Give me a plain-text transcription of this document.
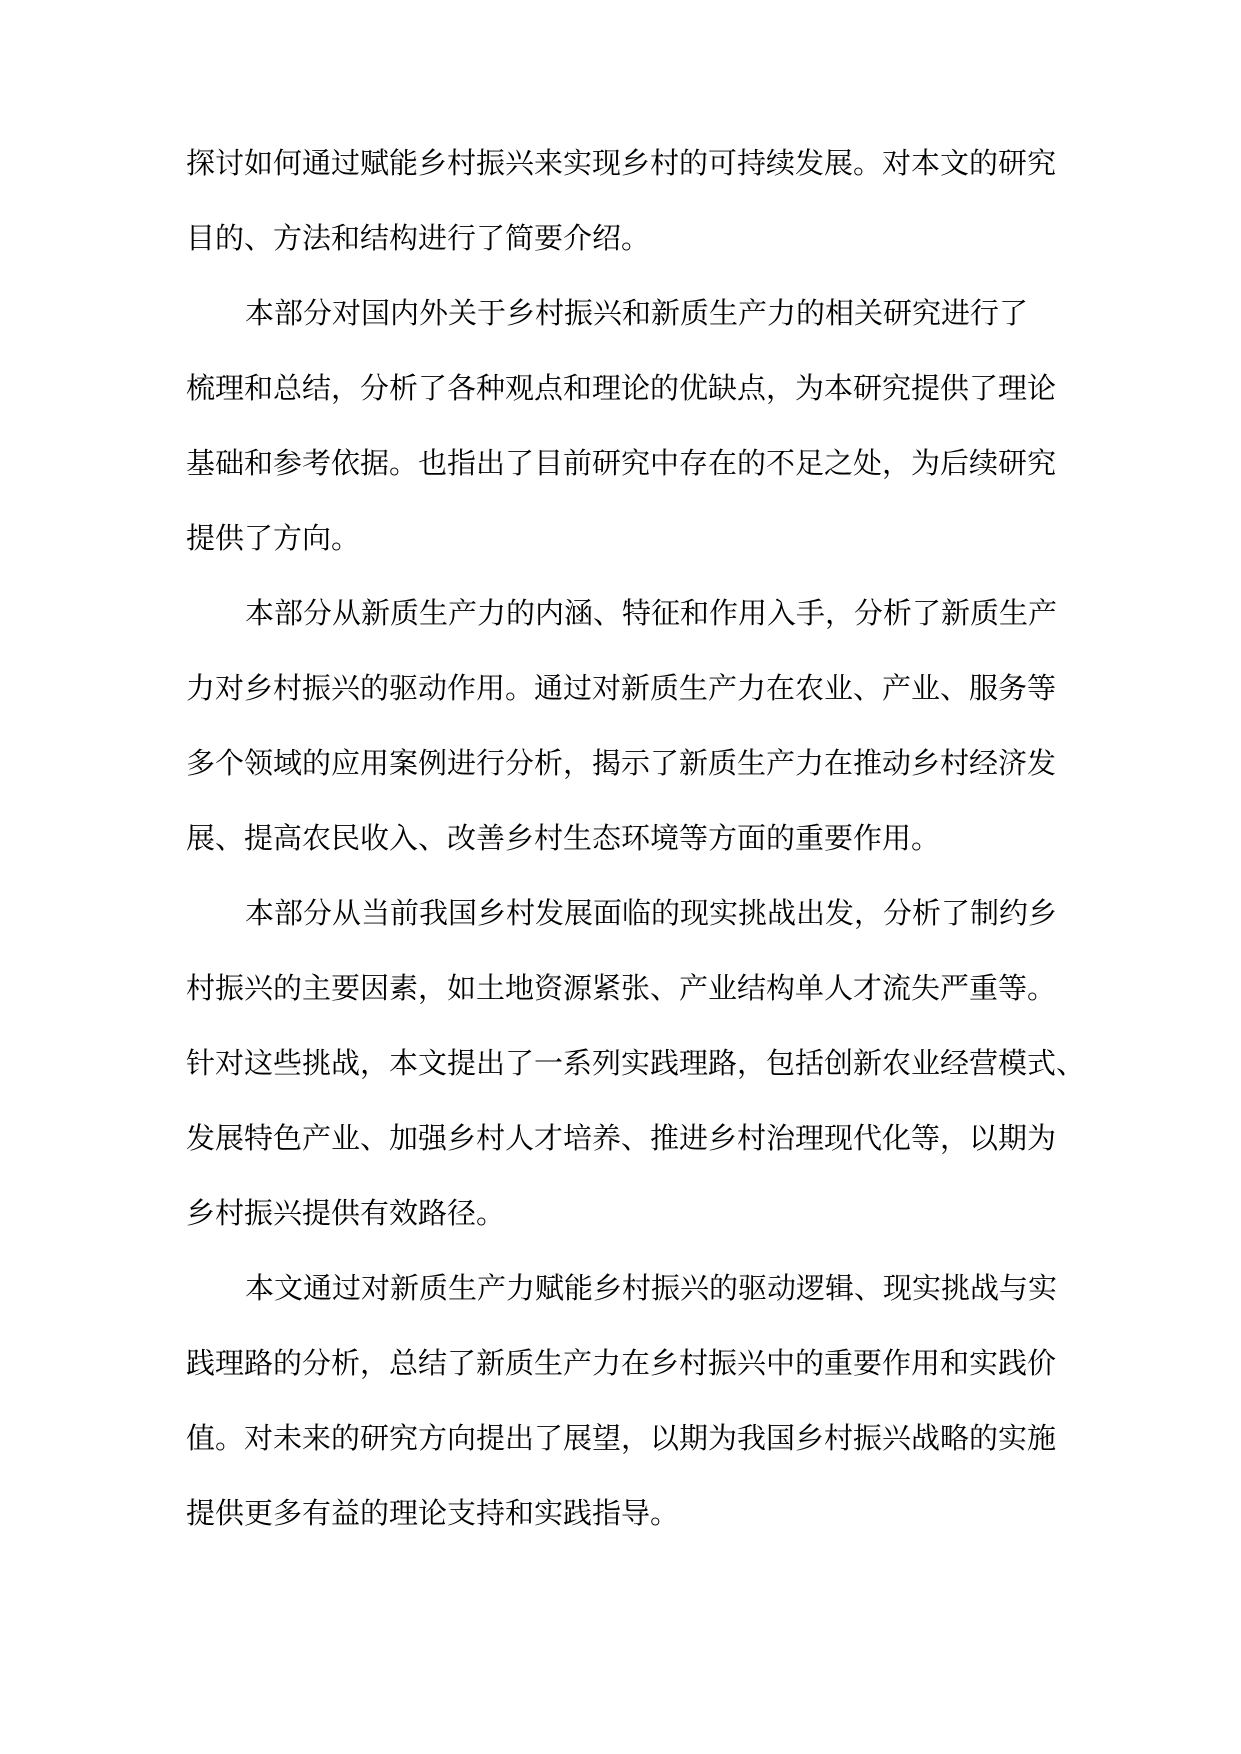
探讨如何通过赋能乡村振兴来实现乡村的可持续发展。对本文的研究
目的、方法和结构进行了简要介绍。
本部分对国内外关于乡村振兴和新质生产力的相关研究进行了
梳理和总结，分析了各种观点和理论的优缺点，为本研究提供了理论
基础和参考依据。也指出了目前研究中存在的不足之处，为后续研究
提供了方向。
本部分从新质生产力的内涵、特征和作用入手，分析了新质生产
力对乡村振兴的驱动作用。通过对新质生产力在农业、产业、服务等
多个领域的应用案例进行分析，揭示了新质生产力在推动乡村经济发
展、提高农民收入、改善乡村生态环境等方面的重要作用。
本部分从当前我国乡村发展面临的现实挑战出发，分析了制约乡
村振兴的主要因素，如土地资源紧张、产业结构单人才流失严重等。
针对这些挑战，本文提出了一系列实践理路，包括创新农业经营模式、
发展特色产业、加强乡村人才培养、推进乡村治理现代化等，以期为
乡村振兴提供有效路径。
本文通过对新质生产力赋能乡村振兴的驱动逻辑、现实挑战与实
践理路的分析，总结了新质生产力在乡村振兴中的重要作用和实践价
值。对未来的研究方向提出了展望，以期为我国乡村振兴战略的实施
提供更多有益的理论支持和实践指导。
